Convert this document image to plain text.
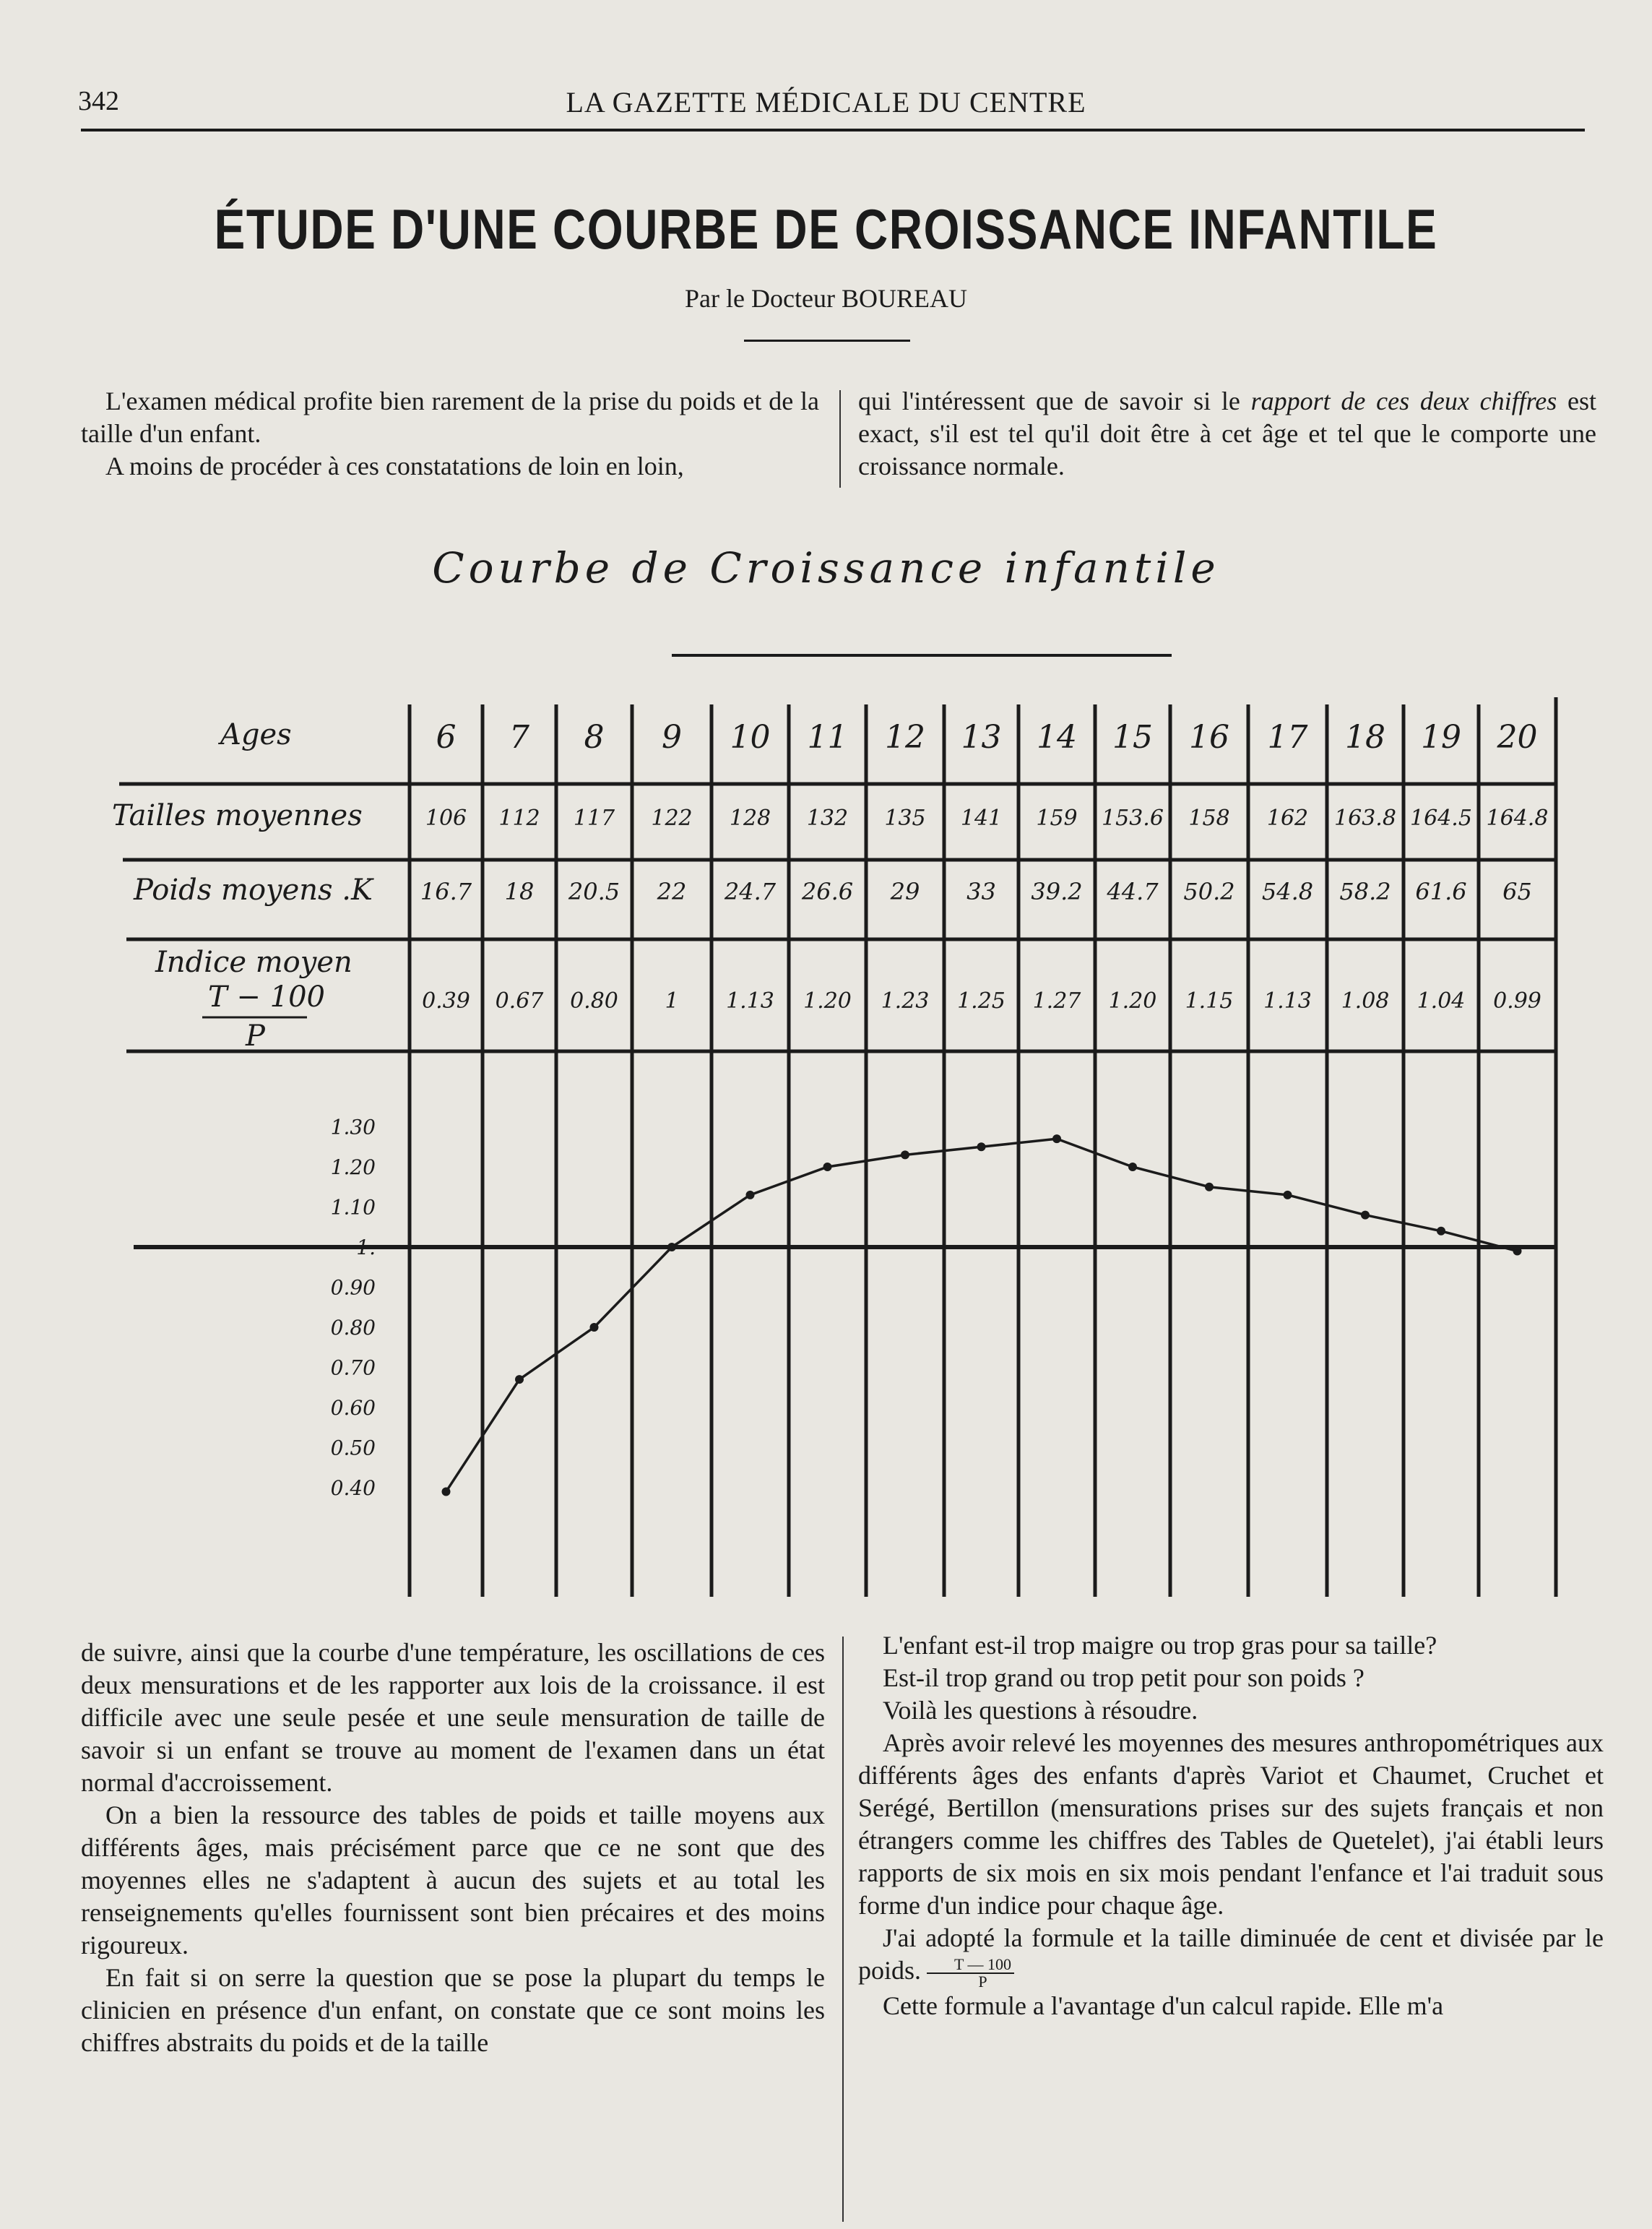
342	LA GAZETTE MÉDICALE DU CENTRE
ÉTUDE D'UNE COURBE DE CROISSANCE INFANTILE
Par le Docteur BOUREAU

L'examen médical profite bien rarement de la prise du poids et de la taille d'un enfant.

A moins de procéder à ces constatations de loin en loin,

qui l'intéressent que de savoir si le rapport de ces deux chiffres est exact, s'il est tel qu'il doit être à cet âge et tel que le comporte une croissance normale.

Courbe de Croissance infantile
Ages
Tailles moyennes
Poids moyens .K
Indice moyen
T − 100
P
6 7 8 9 10 11 12 13 14 15 16 17 18 19 20
106 112 117 122 128 132 135 141 159 153.6 158 162 163.8 164.5 164.8
16.7 18 20.5 22 24.7 26.6 29 33 39.2 44.7 50.2 54.8 58.2 61.6 65
0.39 0.67 0.80 1 1.13 1.20 1.23 1.25 1.27 1.20 1.15 1.13 1.08 1.04 0.99
1.30
1.20
1.10
1.
0.90
0.80
0.70
0.60
0.50
0.40

de suivre, ainsi que la courbe d'une température, les oscillations de ces deux mensurations et de les rapporter aux lois de la croissance. il est difficile avec une seule pesée et une seule mensuration de taille de savoir si un enfant se trouve au moment de l'examen dans un état normal d'accroissement.

On a bien la ressource des tables de poids et taille moyens aux différents âges, mais précisément parce que ce ne sont que des moyennes elles ne s'adaptent à aucun des sujets et au total les renseignements qu'elles fournissent sont bien précaires et des moins rigoureux.

En fait si on serre la question que se pose la plupart du temps le clinicien en présence d'un enfant, on constate que ce sont moins les chiffres abstraits du poids et de la taille

L'enfant est-il trop maigre ou trop gras pour sa taille?

Est-il trop grand ou trop petit pour son poids ?

Voilà les questions à résoudre.

Après avoir relevé les moyennes des mesures anthropométriques aux différents âges des enfants d'après Variot et Chaumet, Cruchet et Serégé, Bertillon (mensurations prises sur des sujets français et non étrangers comme les chiffres des Tables de Quetelet), j'ai établi leurs rapports de six mois en six mois pendant l'enfance et l'ai traduit sous forme d'un indice pour chaque âge.

J'ai adopté la formule et la taille diminuée de cent et divisée par le poids. $\frac{T — 100}{P}$

Cette formule a l'avantage d'un calcul rapide. Elle m'a
